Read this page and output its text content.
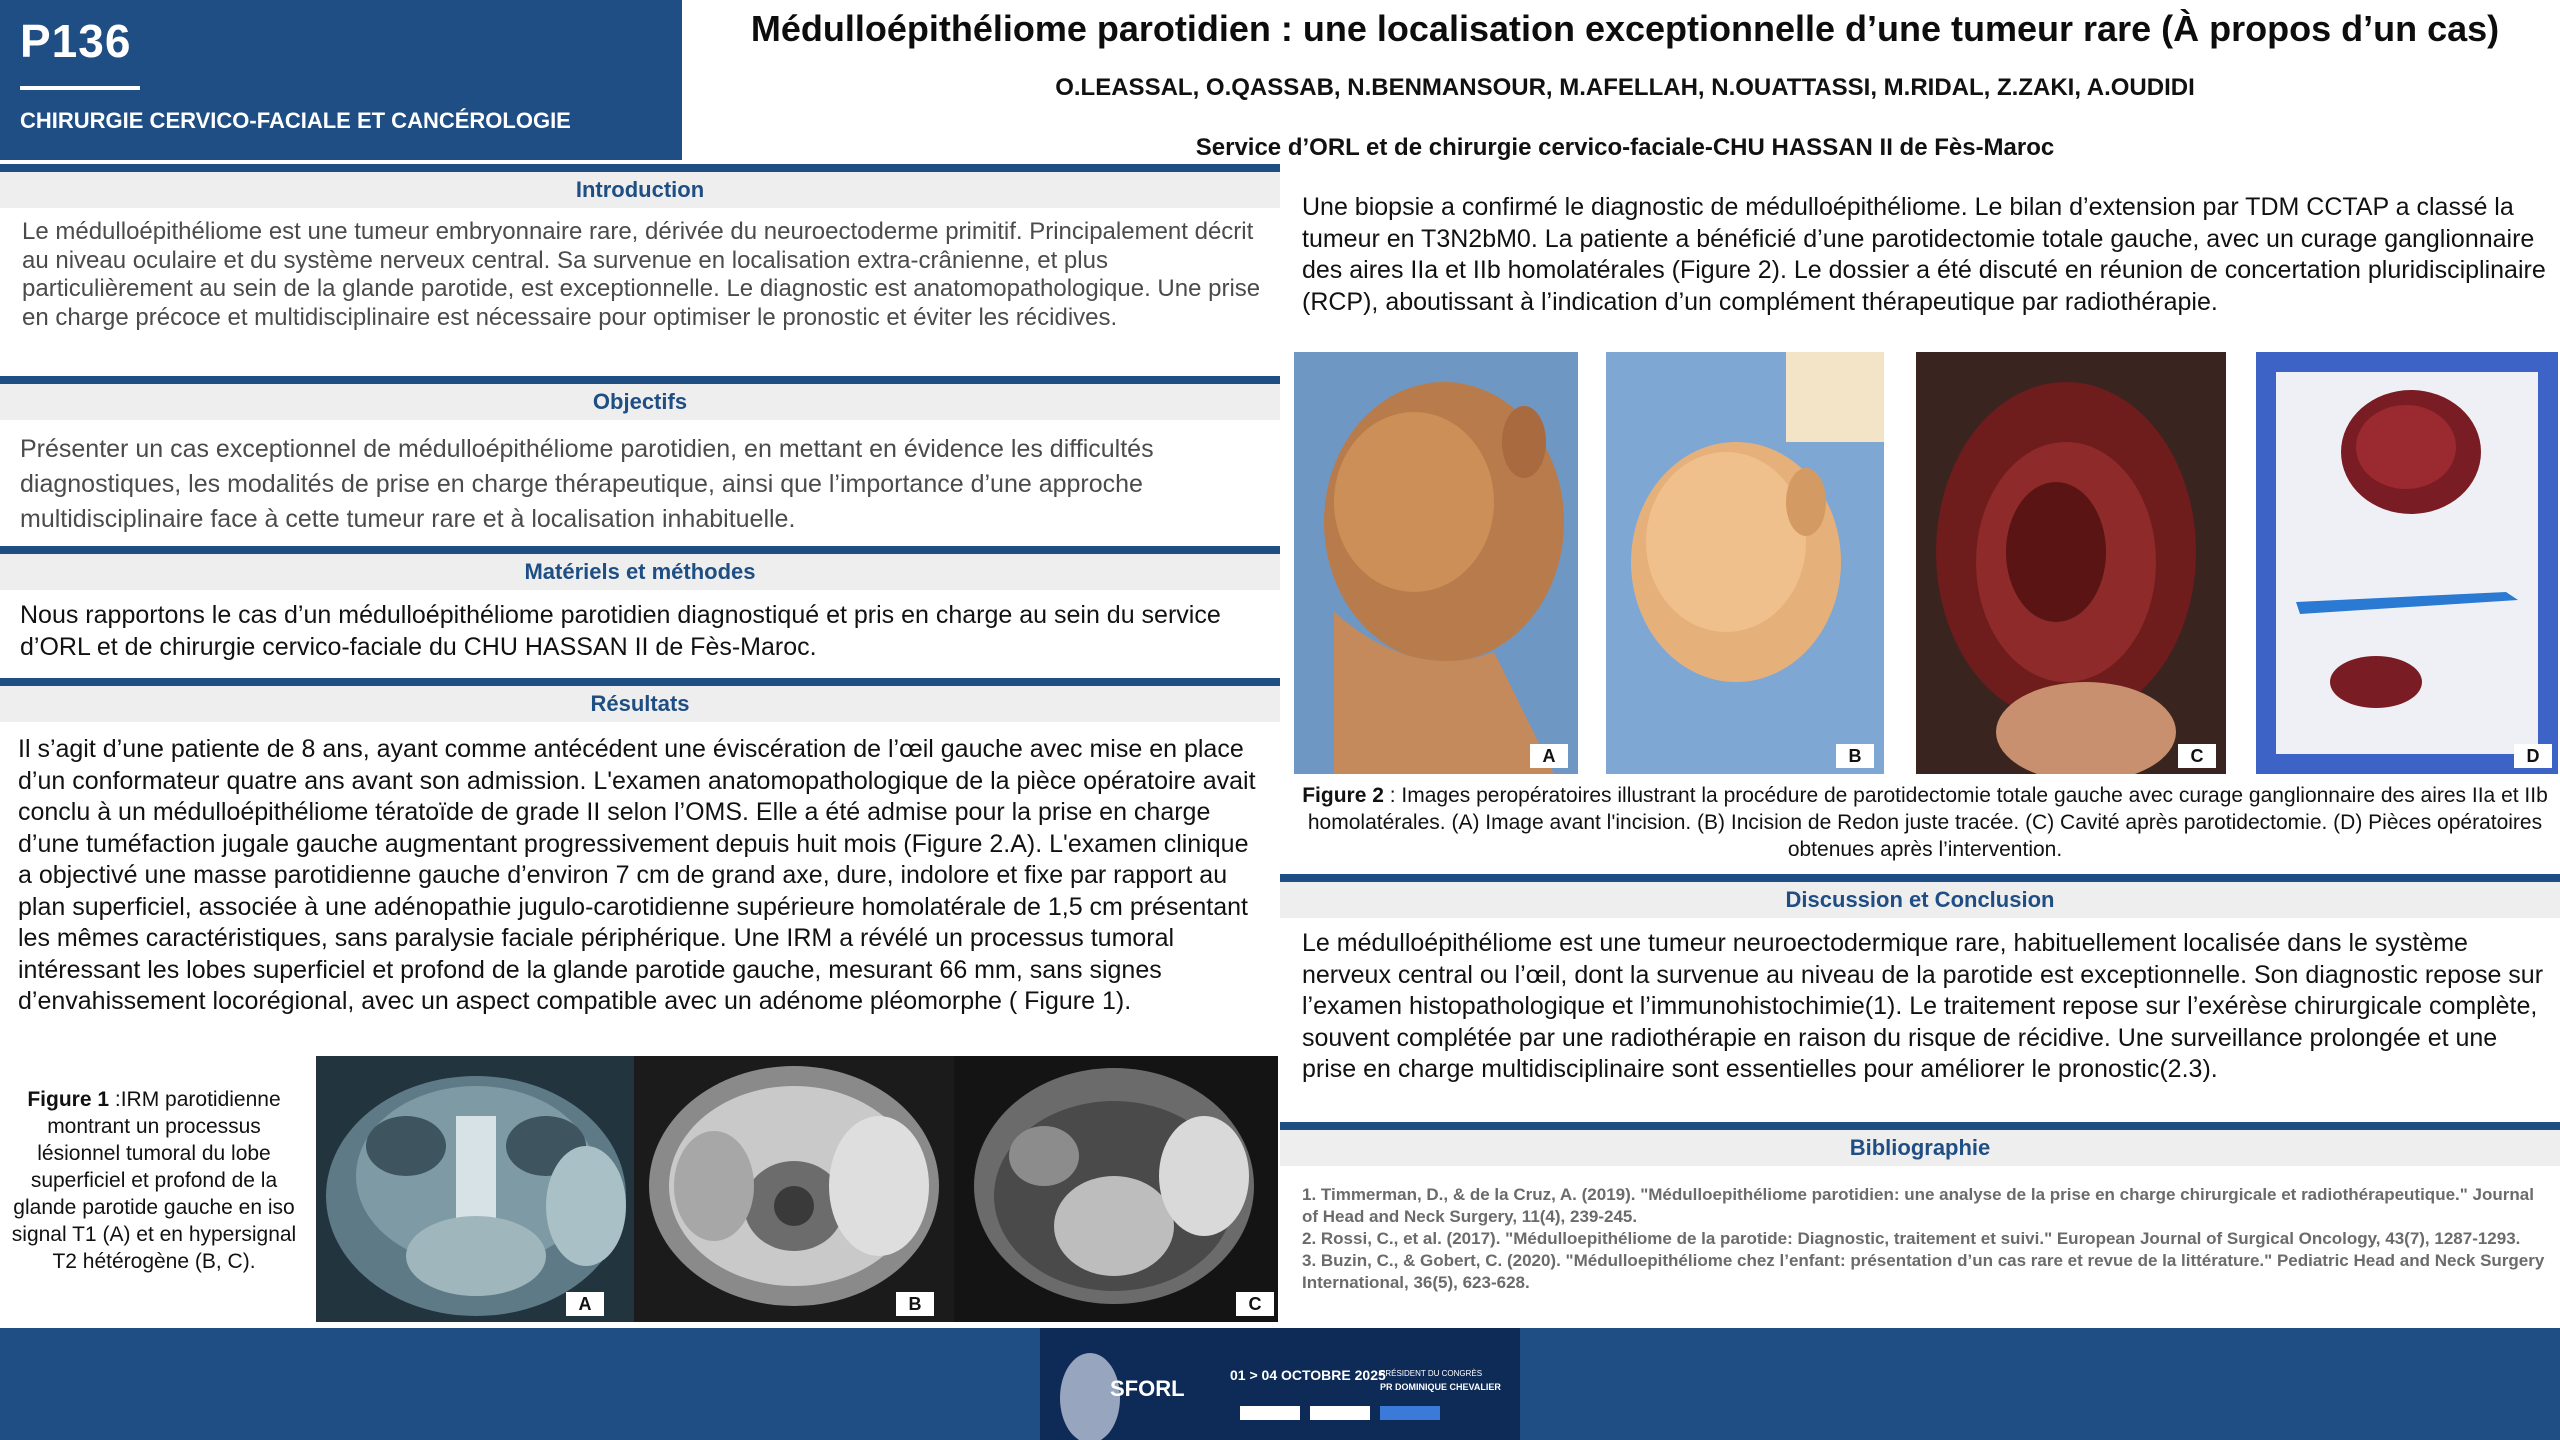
P136
CHIRURGIE CERVICO-FACIALE ET CANCÉROLOGIE
Médulloépithéliome parotidien : une localisation exceptionnelle d’une tumeur rare (À propos d’un cas)
O.LEASSAL, O.QASSAB, N.BENMANSOUR, M.AFELLAH, N.OUATTASSI, M.RIDAL, Z.ZAKI, A.OUDIDI
Service d’ORL et de chirurgie cervico-faciale-CHU HASSAN II de Fès-Maroc
Introduction
Le médulloépithéliome est une tumeur embryonnaire rare, dérivée du neuroectoderme primitif. Principalement décrit au niveau oculaire et du système nerveux central. Sa survenue en localisation extra-crânienne, et plus particulièrement au sein de la glande parotide, est exceptionnelle. Le diagnostic est anatomopathologique. Une prise en charge précoce et multidisciplinaire est nécessaire pour optimiser le pronostic et éviter les récidives.
Objectifs
Présenter un cas exceptionnel de médulloépithéliome parotidien, en mettant en évidence les difficultés diagnostiques, les modalités de prise en charge thérapeutique, ainsi que l’importance d’une approche multidisciplinaire face à cette tumeur rare et à localisation inhabituelle.
Matériels et méthodes
Nous rapportons le cas d’un médulloépithéliome parotidien diagnostiqué et pris en charge au sein du service d’ORL et de chirurgie cervico-faciale du CHU HASSAN II de Fès-Maroc.
Résultats
Il s’agit d’une patiente de 8 ans, ayant comme antécédent une éviscération de l’œil gauche avec mise en place d’un conformateur quatre ans avant son admission. L'examen anatomopathologique de la pièce opératoire avait conclu à un médulloépithéliome tératoïde de grade II selon l’OMS. Elle a été admise pour la prise en charge d’une tuméfaction jugale gauche augmentant progressivement depuis huit mois (Figure 2.A). L'examen clinique a objectivé une masse parotidienne gauche d’environ 7 cm de grand axe, dure, indolore et fixe par rapport au plan superficiel, associée à une adénopathie jugulo-carotidienne supérieure homolatérale de 1,5 cm présentant les mêmes caractéristiques, sans paralysie faciale périphérique. Une IRM a révélé un processus tumoral intéressant les lobes superficiel et profond de la glande parotide gauche, mesurant 66 mm, sans signes d’envahissement locorégional, avec un aspect compatible avec un adénome pléomorphe ( Figure 1).
Figure 1 :IRM parotidienne montrant un processus lésionnel tumoral du lobe superficiel et profond de la glande parotide gauche en iso signal T1 (A) et en hypersignal T2 hétérogène (B, C).
A	B	C
Une biopsie a confirmé le diagnostic de médulloépithéliome. Le bilan d’extension par TDM CCTAP a classé la tumeur en T3N2bM0. La patiente a bénéficié d’une parotidectomie totale gauche, avec un curage ganglionnaire des aires IIa et IIb homolatérales (Figure 2). Le dossier a été discuté en réunion de concertation pluridisciplinaire (RCP), aboutissant à l’indication d’un complément thérapeutique par radiothérapie.
A	B	C	D
Figure 2 : Images peropératoires illustrant la procédure de parotidectomie totale gauche avec curage ganglionnaire des aires IIa et IIb homolatérales. (A) Image avant l'incision. (B) Incision de Redon juste tracée. (C) Cavité après parotidectomie. (D) Pièces opératoires obtenues après l’intervention.
Discussion et Conclusion
Le médulloépithéliome est une tumeur neuroectodermique rare, habituellement localisée dans le système nerveux central ou l’œil, dont la survenue au niveau de la parotide est exceptionnelle. Son diagnostic repose sur l’examen histopathologique et l’immunohistochimie(1). Le traitement repose sur l’exérèse chirurgicale complète, souvent complétée par une radiothérapie en raison du risque de récidive. Une surveillance prolongée et une prise en charge multidisciplinaire sont essentielles pour améliorer le pronostic(2.3).
Bibliographie

1. Timmerman, D., & de la Cruz, A. (2019). "Médulloepithéliome parotidien: une analyse de la prise en charge chirurgicale et radiothérapeutique." Journal of Head and Neck Surgery, 11(4), 239-245.

2. Rossi, C., et al. (2017). "Médulloepithéliome de la parotide: Diagnostic, traitement et suivi." European Journal of Surgical Oncology, 43(7), 1287-1293.

3. Buzin, C., & Gobert, C. (2020). "Médulloepithéliome chez l’enfant: présentation d’un cas rare et revue de la littérature." Pediatric Head and Neck Surgery International, 36(5), 623-628.

SFORL
01 > 04 OCTOBRE 2025
PRÉSIDENT DU CONGRÈS
PR DOMINIQUE CHEVALIER
